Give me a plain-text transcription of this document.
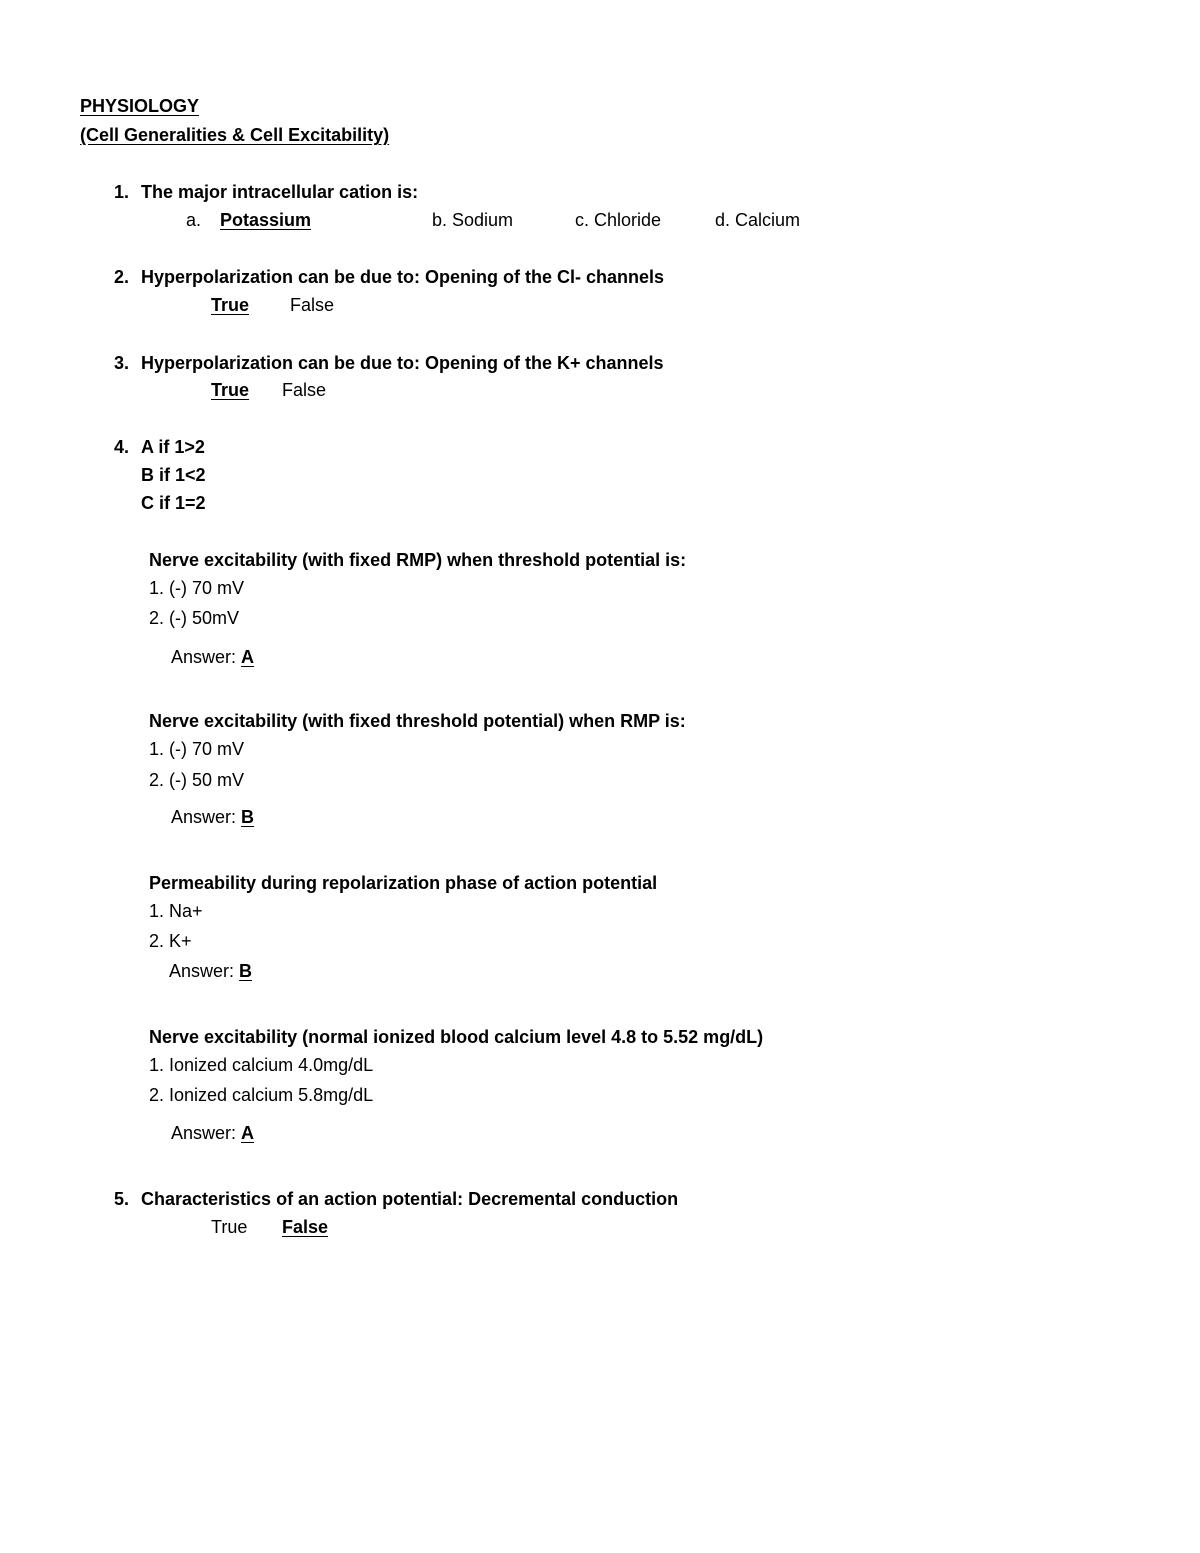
PHYSIOLOGY
(Cell Generalities & Cell Excitability)
1. The major intracellular cation is:
a. Potassium	b. Sodium	c. Chloride	d. Calcium
2. Hyperpolarization can be due to: Opening of the Cl- channels
True False
3. Hyperpolarization can be due to: Opening of the K+ channels
True False
4. A if 1>2
B if 1<2
C if 1=2
Nerve excitability (with fixed RMP) when threshold potential is:
1. (-) 70 mV
2. (-) 50mV
Answer: A
Nerve excitability (with fixed threshold potential) when RMP is:
1. (-) 70 mV
2. (-) 50 mV
Answer: B
Permeability during repolarization phase of action potential
1. Na+
2. K+
Answer: B
Nerve excitability (normal ionized blood calcium level 4.8 to 5.52 mg/dL)
1. Ionized calcium 4.0mg/dL
2. Ionized calcium 5.8mg/dL
Answer: A
5. Characteristics of an action potential: Decremental conduction
True False
